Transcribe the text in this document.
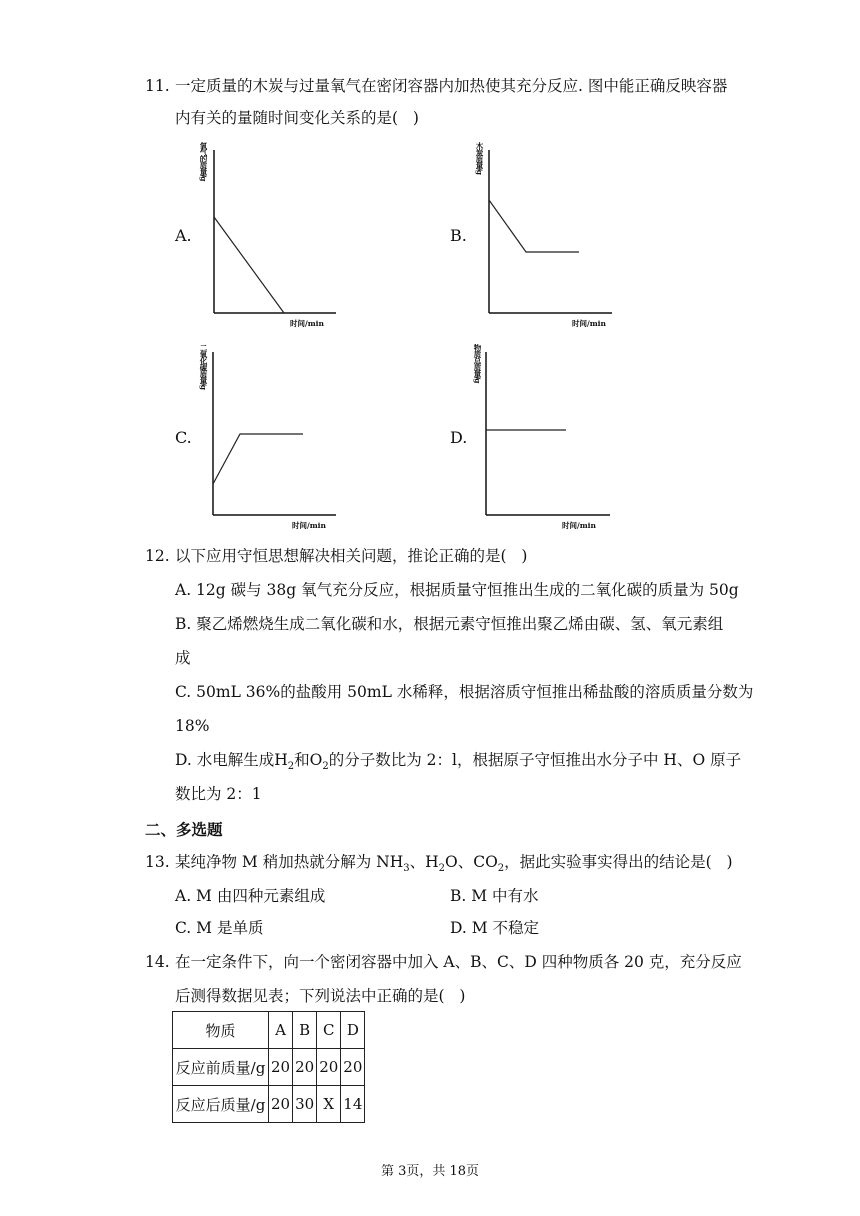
11. 一定质量的木炭与过量氧气在密闭容器内加热使其充分反应. 图中能正确反映容器
内有关的量随时间变化关系的是(   )
A.
氧气的质量/g
时间/min
B.
木炭质量/g
时间/min
C.
二氧化碳质量/g
时间/min
D.
物质总质量/g
时间/min
12. 以下应用守恒思想解决相关问题，推论正确的是(   )
A. 12g 碳与 38g 氧气充分反应，根据质量守恒推出生成的二氧化碳的质量为 50g
B. 聚乙烯燃烧生成二氧化碳和水，根据元素守恒推出聚乙烯由碳、氢、氧元素组
成
C. 50mL 36%的盐酸用 50mL 水稀释，根据溶质守恒推出稀盐酸的溶质质量分数为
18%
D. 水电解生成$H_2$和$O_2$的分子数比为 2：l，根据原子守恒推出水分子中 H、O 原子
数比为 2：1
二、多选题
13. 某纯净物 M 稍加热就分解为 $NH_3$、$H_2O$、$CO_2$，据此实验事实得出的结论是(   )
A. M 由四种元素组成	B. M 中有水
C. M 是单质	D. M 不稳定
14. 在一定条件下，向一个密闭容器中加入 A、B、C、D 四种物质各 20 克，充分反应
后测得数据见表；下列说法中正确的是(   )
物质	A	B	C	D
反应前质量/g	20	20	20	20
反应后质量/g	20	30	X	14
第 3页，共 18页
